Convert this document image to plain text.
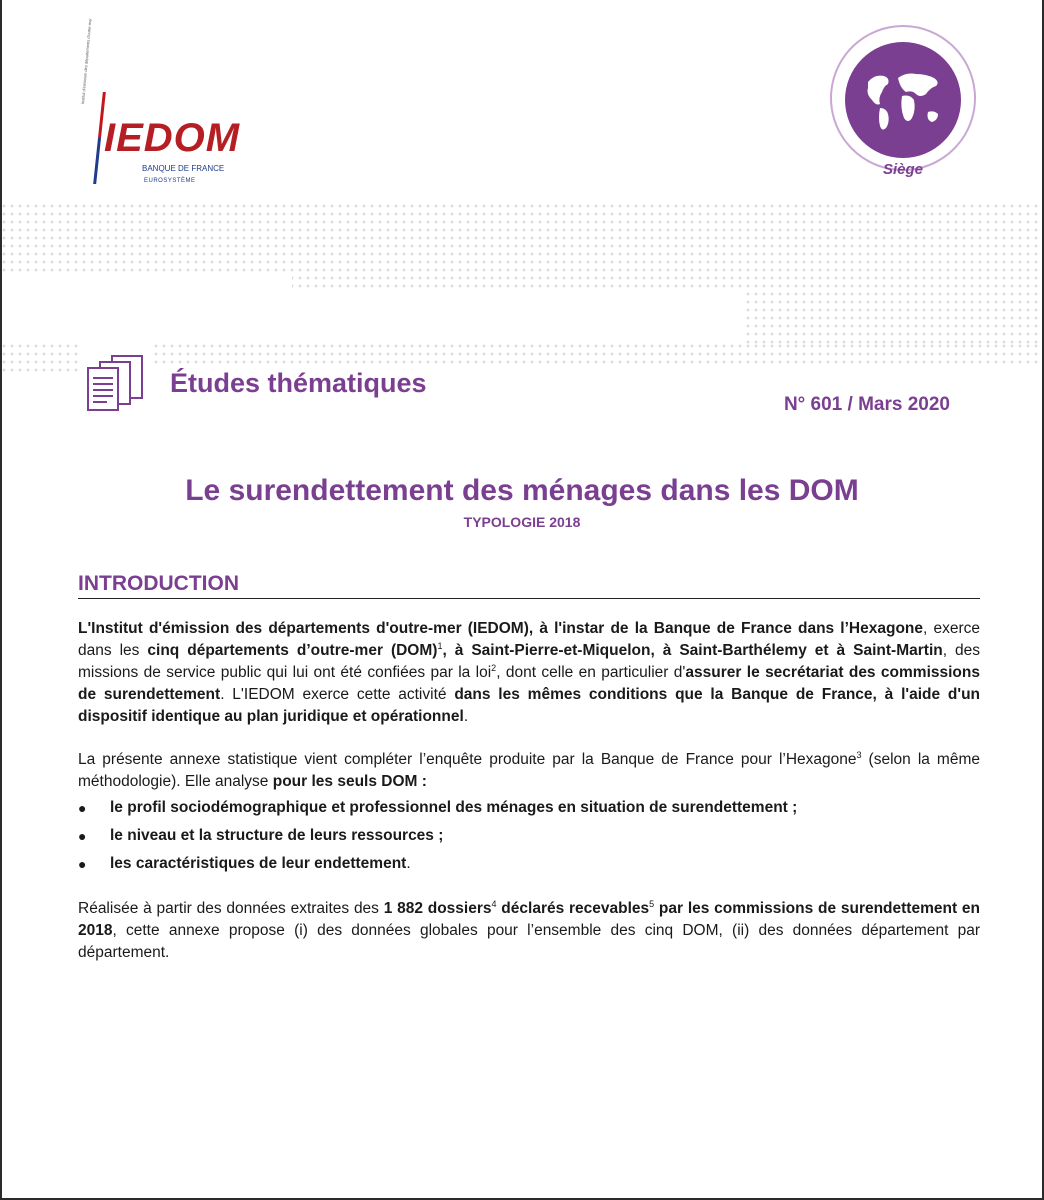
Institut d'émission des départements d'outre-mer
IEDOM
BANQUE DE FRANCE
EUROSYSTÈME
Siège
Études thématiques
N° 601 / Mars 2020
Le surendettement des ménages dans les DOM
TYPOLOGIE 2018
INTRODUCTION
L'Institut d'émission des départements d'outre-mer (IEDOM), à l'instar de la Banque de France dans l’Hexagone, exerce dans les cinq départements d’outre-mer (DOM)$^1$, à Saint-Pierre-et-Miquelon, à Saint-Barthélemy et à Saint-Martin, des missions de service public qui lui ont été confiées par la loi$^2$, dont celle en particulier d'assurer le secrétariat des commissions de surendettement. L'IEDOM exerce cette activité dans les mêmes conditions que la Banque de France, à l'aide d'un dispositif identique au plan juridique et opérationnel.
La présente annexe statistique vient compléter l’enquête produite par la Banque de France pour l’Hexagone$^3$ (selon la même méthodologie). Elle analyse pour les seuls DOM :
● le profil sociodémographique et professionnel des ménages en situation de surendettement ;
● le niveau et la structure de leurs ressources ;
● les caractéristiques de leur endettement.
Réalisée à partir des données extraites des 1 882 dossiers$^4$ déclarés recevables$^5$ par les commissions de surendettement en 2018, cette annexe propose (i) des données globales pour l’ensemble des cinq DOM, (ii) des données département par département.
